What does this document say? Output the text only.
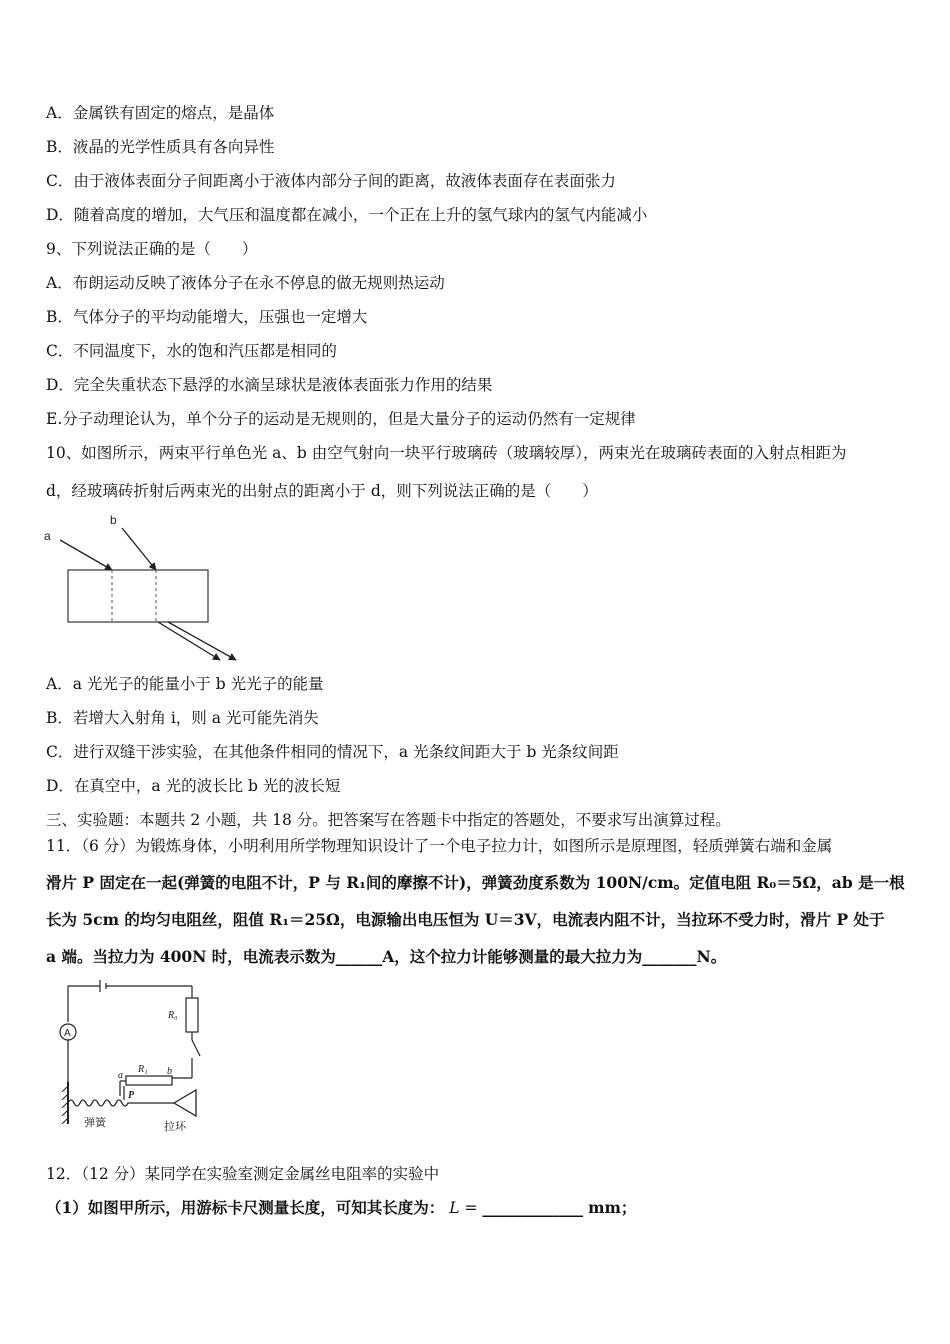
A．金属铁有固定的熔点，是晶体
B．液晶的光学性质具有各向异性
C．由于液体表面分子间距离小于液体内部分子间的距离，故液体表面存在表面张力
D．随着高度的增加，大气压和温度都在减小，一个正在上升的氢气球内的氢气内能减小
9、下列说法正确的是（　　）
A．布朗运动反映了液体分子在永不停息的做无规则热运动
B．气体分子的平均动能增大，压强也一定增大
C．不同温度下，水的饱和汽压都是相同的
D．完全失重状态下悬浮的水滴呈球状是液体表面张力作用的结果
E.分子动理论认为，单个分子的运动是无规则的，但是大量分子的运动仍然有一定规律
10、如图所示，两束平行单色光 a、b 由空气射向一块平行玻璃砖（玻璃较厚），两束光在玻璃砖表面的入射点相距为
d，经玻璃砖折射后两束光的出射点的距离小于 d，则下列说法正确的是（　　）
a
b
A．a 光光子的能量小于 b 光光子的能量
B．若增大入射角 i，则 a 光可能先消失
C．进行双缝干涉实验，在其他条件相同的情况下，a 光条纹间距大于 b 光条纹间距
D．在真空中，a 光的波长比 b 光的波长短
三、实验题：本题共 2 小题，共 18 分。把答案写在答题卡中指定的答题处，不要求写出演算过程。
11．（6 分）为锻炼身体，小明利用所学物理知识设计了一个电子拉力计，如图所示是原理图，轻质弹簧右端和金属
滑片 P 固定在一起(弹簧的电阻不计，P 与 R₁间的摩擦不计)，弹簧劲度系数为 100N/cm。定值电阻 R₀＝5Ω，ab 是一根
长为 5cm 的均匀电阻丝，阻值 R₁＝25Ω，电源输出电压恒为 U＝3V，电流表内阻不计，当拉环不受力时，滑片 P 处于
a 端。当拉力为 400N 时，电流表示数为______A，这个拉力计能够测量的最大拉力为_______N。
A
R₀
R₁
a	b
P
弹簧	拉环
12．（12 分）某同学在实验室测定金属丝电阻率的实验中
（1）如图甲所示，用游标卡尺测量长度，可知其长度为： L = _____________ mm；
